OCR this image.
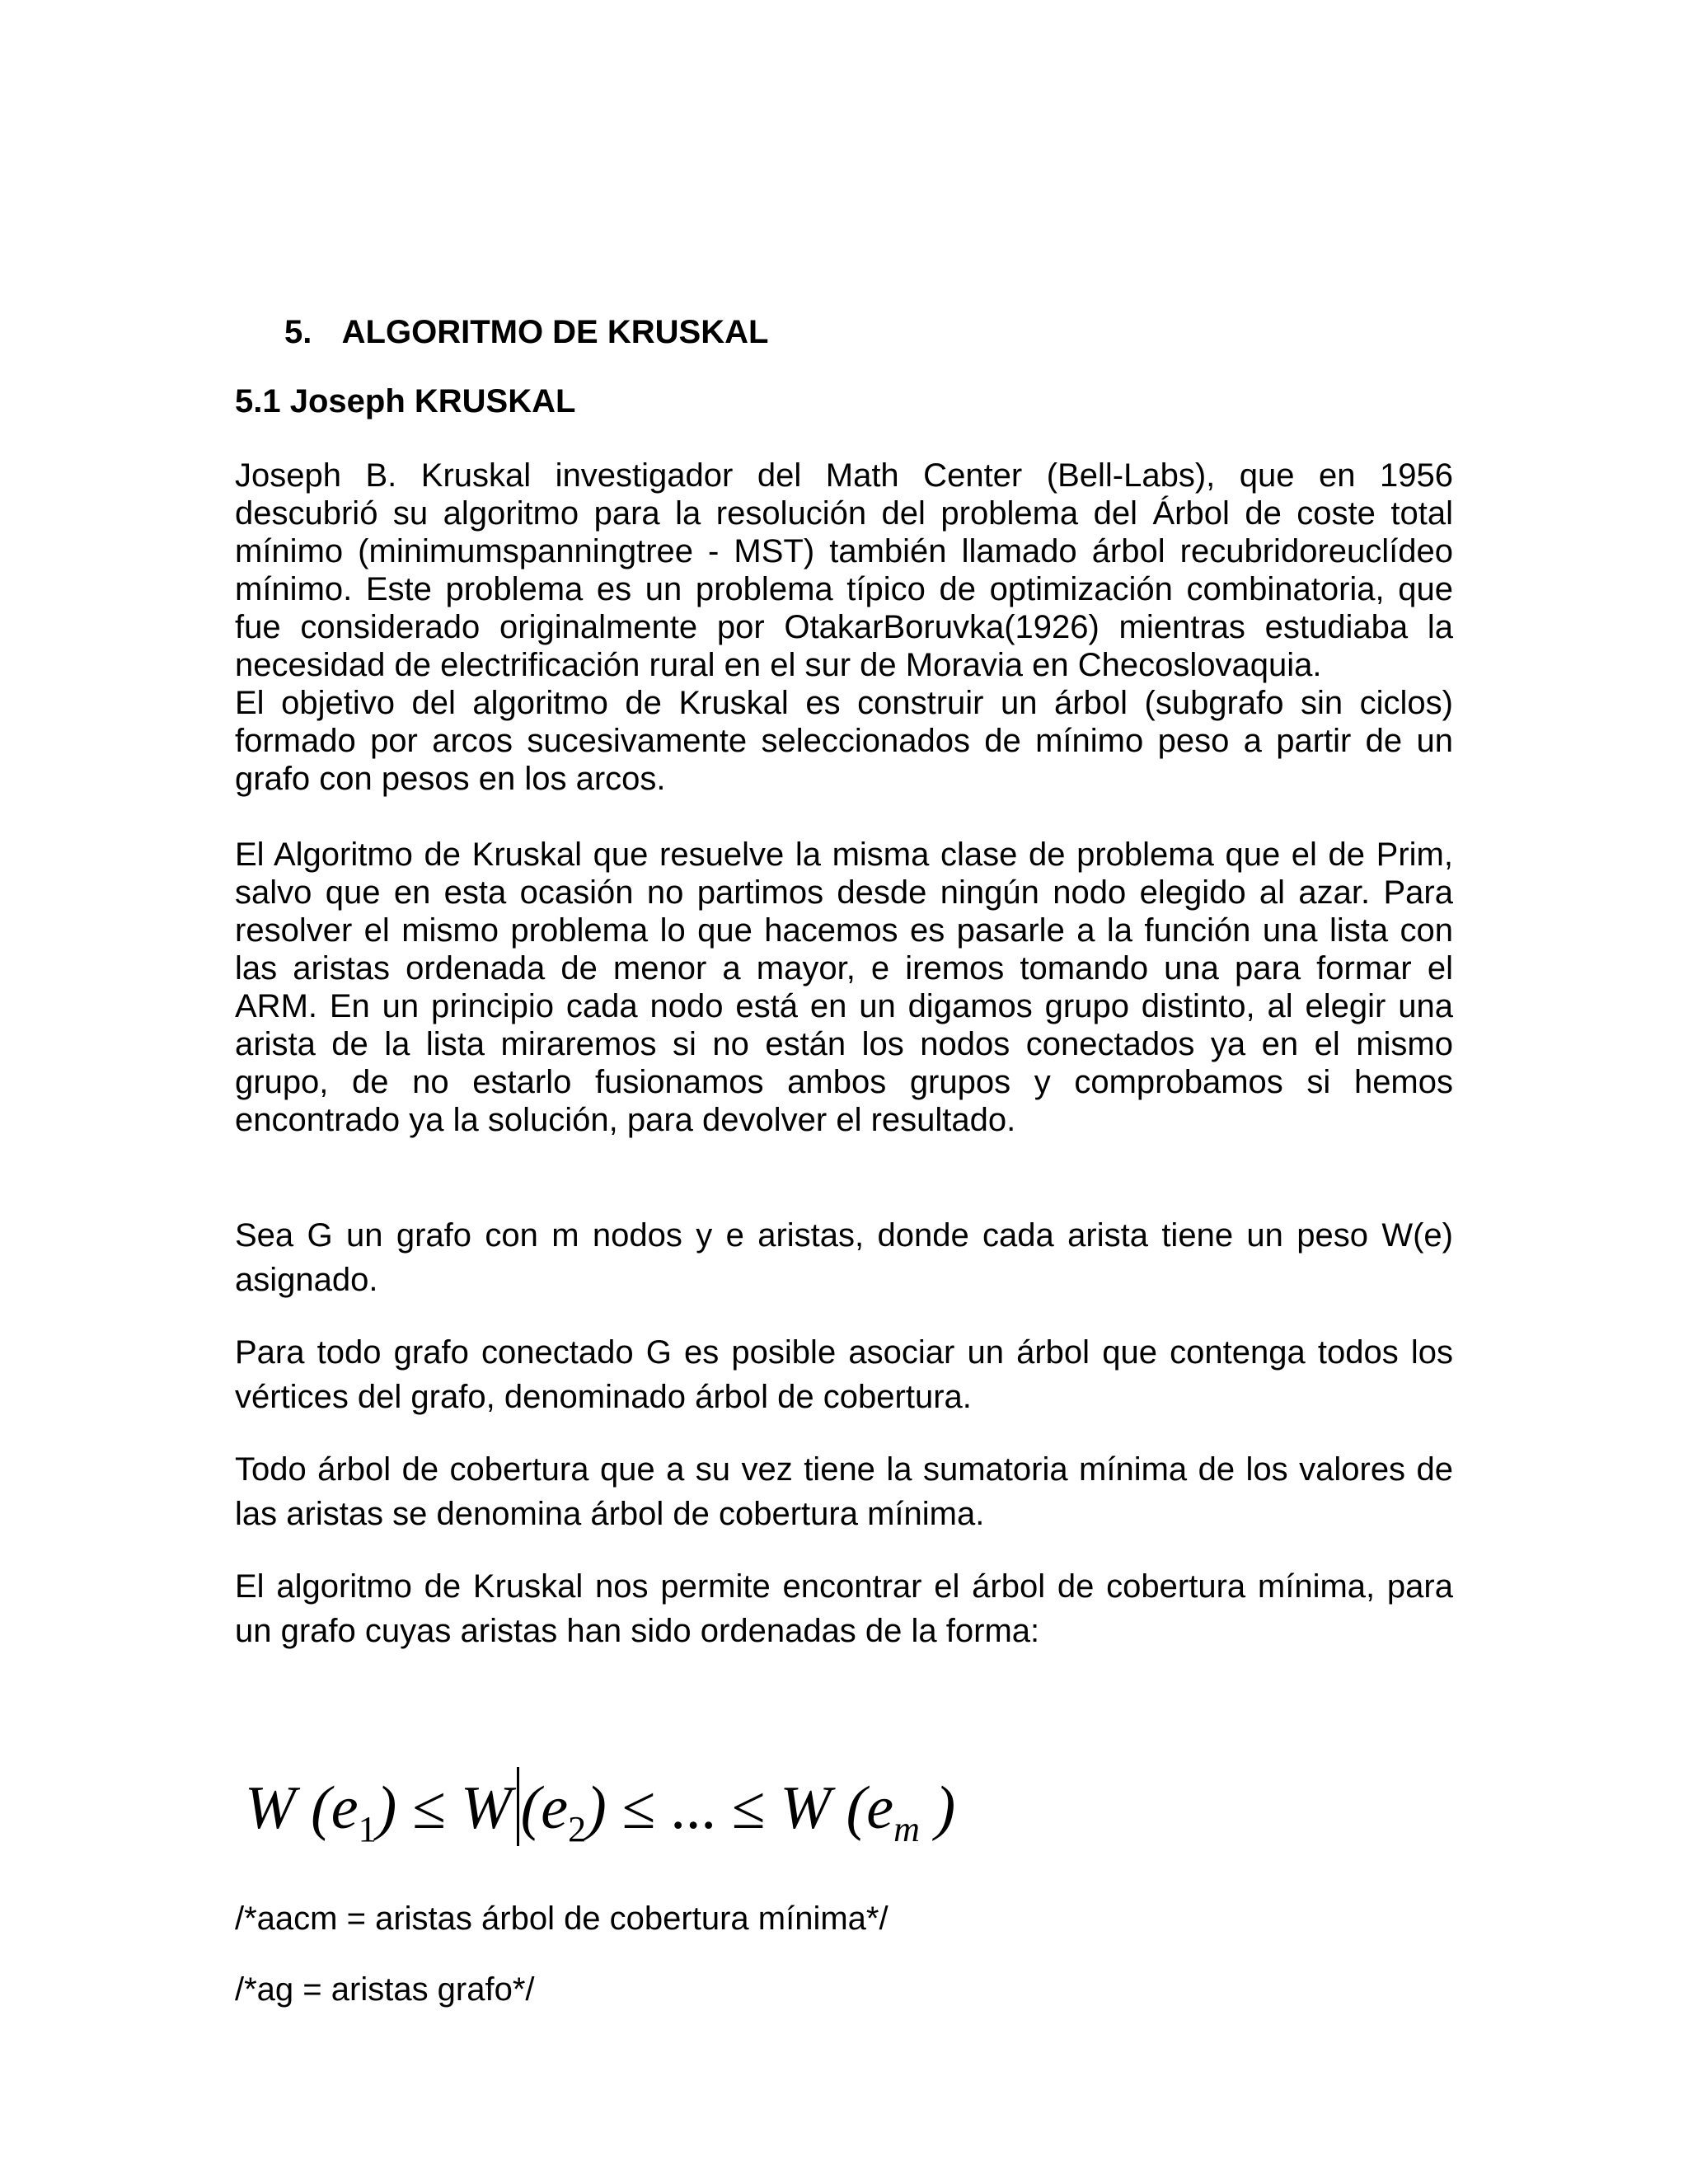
5. ALGORITMO DE KRUSKAL
5.1 Joseph KRUSKAL

Joseph B. Kruskal investigador del Math Center (Bell-Labs), que en 1956 descubrió su algoritmo para la resolución del problema del Árbol de coste total mínimo (minimumspanningtree - MST) también llamado árbol recubridoreuclídeo mínimo. Este problema es un problema típico de optimización combinatoria, que fue considerado originalmente por OtakarBoruvka(1926) mientras estudiaba la necesidad de electrificación rural en el sur de Moravia en Checoslovaquia.

El objetivo del algoritmo de Kruskal es construir un árbol (subgrafo sin ciclos) formado por arcos sucesivamente seleccionados de mínimo peso a partir de un grafo con pesos en los arcos.

El Algoritmo de Kruskal que resuelve la misma clase de problema que el de Prim, salvo que en esta ocasión no partimos desde ningún nodo elegido al azar. Para resolver el mismo problema lo que hacemos es pasarle a la función una lista con las aristas ordenada de menor a mayor, e iremos tomando una para formar el ARM. En un principio cada nodo está en un digamos grupo distinto, al elegir una arista de la lista miraremos si no están los nodos conectados ya en el mismo grupo, de no estarlo fusionamos ambos grupos y comprobamos si hemos encontrado ya la solución, para devolver el resultado.

Sea G un grafo con m nodos y e aristas, donde cada arista tiene un peso W(e) asignado.

Para todo grafo conectado G es posible asociar un árbol que contenga todos los vértices del grafo, denominado árbol de cobertura.

Todo árbol de cobertura que a su vez tiene la sumatoria mínima de los valores de las aristas se denomina árbol de cobertura mínima.

El algoritmo de Kruskal nos permite encontrar el árbol de cobertura mínima, para un grafo cuyas aristas han sido ordenadas de la forma:

W $(e_1) \le W$ $(e_2)$ ≤ ... ≤ W ($e_m$ )
/*aacm = aristas árbol de cobertura mínima*/
/*ag = aristas grafo*/
